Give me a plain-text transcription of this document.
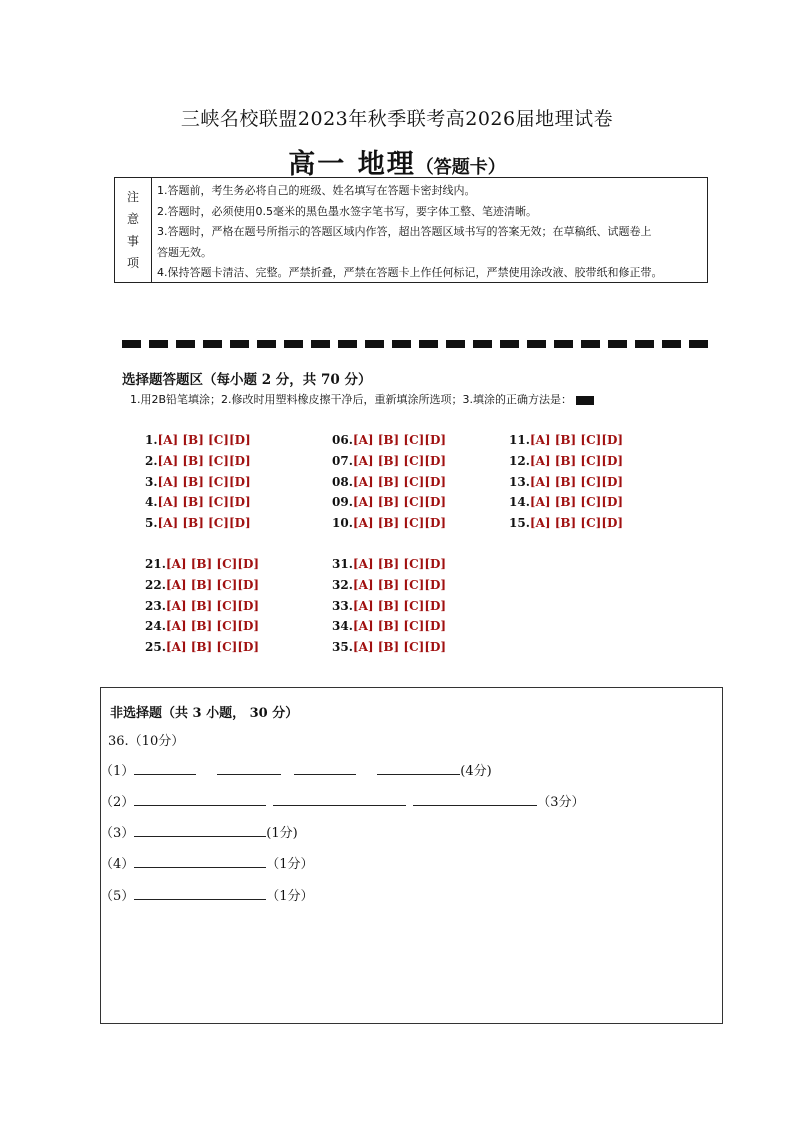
三峡名校联盟2023年秋季联考高2026届地理试卷
高一 地理（答题卡）
注
意
事
项
1.答题前，考生务必将自己的班级、姓名填写在答题卡密封线内。
2.答题时，必须使用0.5毫米的黑色墨水签字笔书写，要字体工整、笔迹清晰。
3.答题时，严格在题号所指示的答题区域内作答，超出答题区域书写的答案无效；在草稿纸、试题卷上
答题无效。
4.保持答题卡清洁、完整。严禁折叠，严禁在答题卡上作任何标记，严禁使用涂改液、胶带纸和修正带。
选择题答题区（每小题 2 分，共 70 分）
1.用2B铅笔填涂；2.修改时用塑料橡皮擦干净后，重新填涂所选项；3.填涂的正确方法是：
1.[A] [B] [C][D]
2.[A] [B] [C][D]
3.[A] [B] [C][D]
4.[A] [B] [C][D]
5.[A] [B] [C][D]
06.[A] [B] [C][D]
07.[A] [B] [C][D]
08.[A] [B] [C][D]
09.[A] [B] [C][D]
10.[A] [B] [C][D]
11.[A] [B] [C][D]
12.[A] [B] [C][D]
13.[A] [B] [C][D]
14.[A] [B] [C][D]
15.[A] [B] [C][D]
21.[A] [B] [C][D]
22.[A] [B] [C][D]
23.[A] [B] [C][D]
24.[A] [B] [C][D]
25.[A] [B] [C][D]
31.[A] [B] [C][D]
32.[A] [B] [C][D]
33.[A] [B] [C][D]
34.[A] [B] [C][D]
35.[A] [B] [C][D]
非选择题（共 3 小题， 30 分）
36.（10分）
（1）	(4分)
（2）	（3分）
（3）	(1分)
（4）	（1分）
（5）	（1分）
